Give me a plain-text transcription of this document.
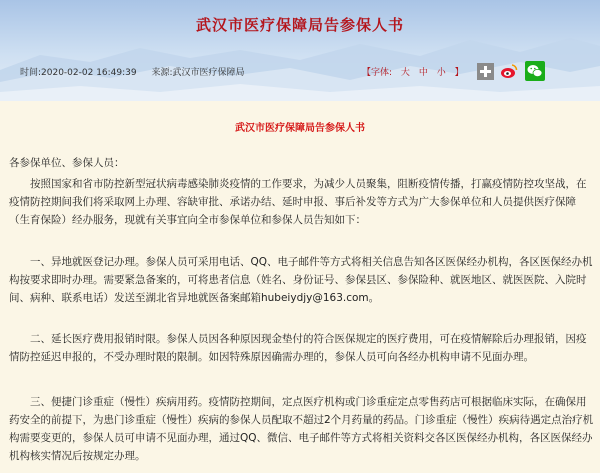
武汉市医疗保障局告参保人书
时间:2020-02-02 16:49:39 来源:武汉市医疗保障局	【字体: 大 中 小 】
武汉市医疗保障局告参保人书

各参保单位、参保人员：

按照国家和省市防控新型冠状病毒感染肺炎疫情的工作要求，为减少人员聚集，阻断疫情传播，打赢疫情防控攻坚战，在疫情防控期间我们将采取网上办理、容缺审批、承诺办结、延时申报、事后补发等方式为广大参保单位和人员提供医疗保障（生育保险）经办服务，现就有关事宜向全市参保单位和参保人员告知如下：

一、异地就医登记办理。参保人员可采用电话、QQ、电子邮件等方式将相关信息告知各区医保经办机构，各区医保经办机构按要求即时办理。需要紧急备案的，可将患者信息（姓名、身份证号、参保县区、参保险种、就医地区、就医医院、入院时间、病种、联系电话）发送至湖北省异地就医备案邮箱hubeiydjy@163.com。

二、延长医疗费用报销时限。参保人员因各种原因现金垫付的符合医保规定的医疗费用，可在疫情解除后办理报销，因疫情防控延迟申报的，不受办理时限的限制。如因特殊原因确需办理的，参保人员可向各经办机构申请不见面办理。

三、便捷门诊重症（慢性）疾病用药。疫情防控期间，定点医疗机构或门诊重症定点零售药店可根据临床实际，在确保用药安全的前提下，为患门诊重症（慢性）疾病的参保人员配取不超过2个月药量的药品。门诊重症（慢性）疾病待遇定点治疗机构需要变更的，参保人员可申请不见面办理，通过QQ、微信、电子邮件等方式将相关资料交各区医保经办机构，各区医保经办机构核实情况后按规定办理。
